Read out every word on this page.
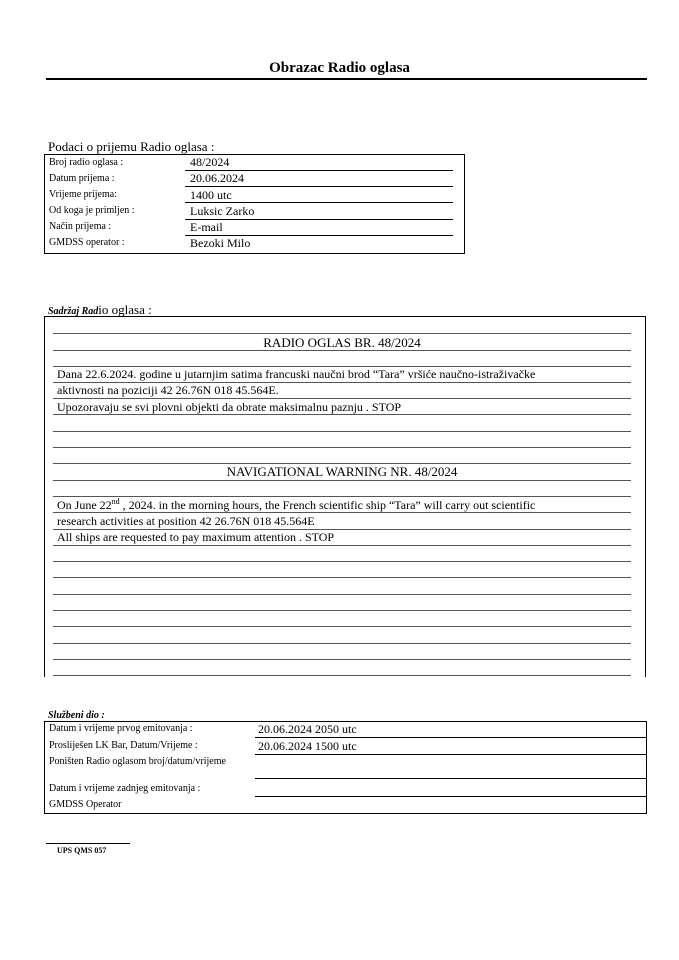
Obrazac Radio oglasa
Podaci o prijemu Radio oglasa :
Broj radio oglasa :
Datum prijema :
Vrijeme prijema:
Od koga je primljen :
Način prijema :
GMDSS operator :
48/2024
20.06.2024
1400 utc
Luksic Zarko
E-mail
Bezoki Milo
Sadržaj Radio oglasa :
RADIO OGLAS BR. 48/2024
Dana 22.6.2024. godine u jutarnjim satima francuski naučni brod “Tara” vršiće naučno-istraživačke
aktivnosti na poziciji 42 26.76N 018 45.564E.
Upozoravaju se svi plovni objekti da obrate maksimalnu paznju . STOP
NAVIGATIONAL WARNING NR. 48/2024
On June 22nd , 2024. in the morning hours, the French scientific ship “Tara” will carry out scientific
research activities at position 42 26.76N 018 45.564E
All ships are requested to pay maximum attention . STOP
Službeni dio :
Datum i vrijeme prvog emitovanja :
Prosliješen LK Bar, Datum/Vrijeme :
Poništen Radio oglasom broj/datum/vrijeme
Datum i vrijeme zadnjeg emitovanja :
GMDSS Operator
20.06.2024 2050 utc
20.06.2024 1500 utc
UPS QMS 057
